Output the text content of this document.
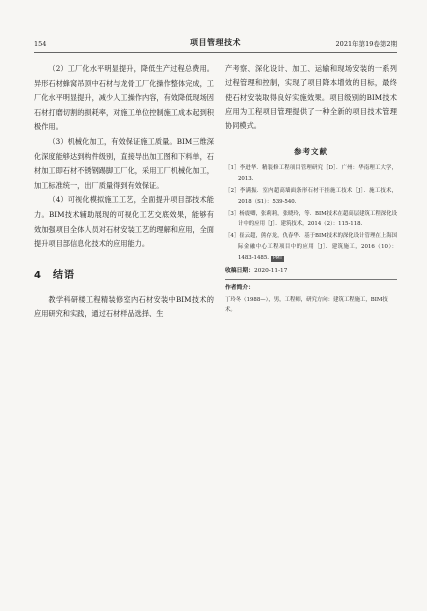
154	项目管理技术	2021年第19卷第2期

（2）工厂化水平明显提升，降低生产过程总费用。异形石材蜂窝吊顶中石材与龙骨工厂化操作整体完成，工厂化水平明显提升，减少人工操作内容，有效降低现场因石材打磨切割的损耗率，对施工单位控制施工成本起到积极作用。

（3）机械化加工，有效保证施工质量。BIM三维深化深度能够达到构件级别，直接导出加工图和下料单，石材加工即石材不锈钢踢脚工厂化，采用工厂机械化加工，加工标准统一，出厂质量得到有效保证。

（4）可视化模拟施工工艺，全面提升项目部技术能力。BIM技术辅助展现的可视化工艺交底效果，能够有效加强项目全体人员对石材安装工艺的理解和应用，全面提升项目部信息化技术的应用能力。

4　结语

教学科研楼工程精装修室内石材安装中BIM技术的应用研究和实践，通过石材样品选择、生

产考察、深化设计、加工、运输和现场安装的一系列过程管理和控制，实现了项目降本增效的目标，最终使石材安装取得良好实施效果。项目级别的BIM技术应用为工程项目管理提供了一种全新的项目技术管理协同模式。

参考文献
［1］李进华．精装修工程项目管理研究［D］．广州：华南理工大学，2013.
［2］李满振．室内超高墙面条形石材干挂施工技术［J］．施工技术，2018（S1）：539-540.
［3］杨震卿，张莉莉，张晓玲，等．BIM技术在超高层建筑工程深化设计中的应用［J］．建筑技术，2014（2）：115-118.
［4］崔云超，熊存龙，仇春华．基于BIM技术的深化设计管理在上海国际金融中心工程项目中的应用［J］．建筑施工，2016（10）：1483-1485. PMT
收稿日期：2020-11-17
作者简介：
丁玲冬（1988—），男，工程师，研究方向：建筑工程施工，BIM技术。
